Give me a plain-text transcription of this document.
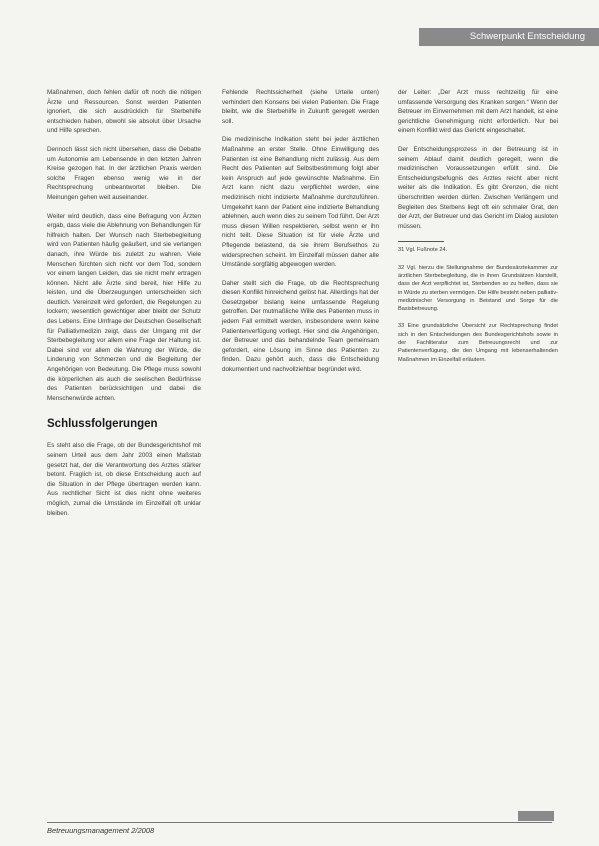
Schwerpunkt Entscheidung

Maßnahmen, doch fehlen dafür oft noch die nötigen Ärzte und Ressourcen. Sonst werden Patienten ignoriert, die sich ausdrücklich für Sterbehilfe entschieden haben, obwohl sie absolut über Ursache und Hilfe sprechen.

Dennoch lässt sich nicht übersehen, dass die Debatte um Autonomie am Lebensende in den letzten Jahren Kreise gezogen hat. In der ärztlichen Praxis werden solche Fragen ebenso wenig wie in der Rechtsprechung unbeantwortet bleiben. Die Meinungen gehen weit auseinander.

Weiter wird deutlich, dass eine Befragung von Ärzten ergab, dass viele die Ablehnung von Behandlungen für hilfreich halten. Der Wunsch nach Sterbebegleitung wird von Patienten häufig geäußert, und sie verlangen danach, ihre Würde bis zuletzt zu wahren. Viele Menschen fürchten sich nicht vor dem Tod, sondern vor einem langen Leiden, das sie nicht mehr ertragen können. Nicht alle Ärzte sind bereit, hier Hilfe zu leisten, und die Überzeugungen unterscheiden sich deutlich. Vereinzelt wird gefordert, die Regelungen zu lockern; wesentlich gewichtiger aber bleibt der Schutz des Lebens. Eine Umfrage der Deutschen Gesellschaft für Palliativmedizin zeigt, dass der Umgang mit der Sterbebegleitung vor allem eine Frage der Haltung ist. Dabei sind vor allem die Wahrung der Würde, die Linderung von Schmerzen und die Begleitung der Angehörigen von Bedeutung. Die Pflege muss sowohl die körperlichen als auch die seelischen Bedürfnisse des Patienten berücksichtigen und dabei die Menschenwürde achten.

Schlussfolgerungen

Es steht also die Frage, ob der Bundesgerichtshof mit seinem Urteil aus dem Jahr 2003 einen Maßstab gesetzt hat, der die Verantwortung des Arztes stärker betont. Fraglich ist, ob diese Entscheidung auch auf die Situation in der Pflege übertragen werden kann. Aus rechtlicher Sicht ist dies nicht ohne weiteres möglich, zumal die Umstände im Einzelfall oft unklar bleiben.

Fehlende Rechtssicherheit (siehe Urteile unten) verhindert den Konsens bei vielen Patienten. Die Frage bleibt, wie die Sterbehilfe in Zukunft geregelt werden soll.

Die medizinische Indikation steht bei jeder ärztlichen Maßnahme an erster Stelle. Ohne Einwilligung des Patienten ist eine Behandlung nicht zulässig. Aus dem Recht des Patienten auf Selbstbestimmung folgt aber kein Anspruch auf jede gewünschte Maßnahme. Ein Arzt kann nicht dazu verpflichtet werden, eine medizinisch nicht indizierte Maßnahme durchzuführen. Umgekehrt kann der Patient eine indizierte Behandlung ablehnen, auch wenn dies zu seinem Tod führt. Der Arzt muss diesen Willen respektieren, selbst wenn er ihn nicht teilt. Diese Situation ist für viele Ärzte und Pflegende belastend, da sie ihrem Berufsethos zu widersprechen scheint. Im Einzelfall müssen daher alle Umstände sorgfältig abgewogen werden.

Daher stellt sich die Frage, ob die Rechtsprechung diesen Konflikt hinreichend gelöst hat. Allerdings hat der Gesetzgeber bislang keine umfassende Regelung getroffen. Der mutmaßliche Wille des Patienten muss in jedem Fall ermittelt werden, insbesondere wenn keine Patientenverfügung vorliegt. Hier sind die Angehörigen, der Betreuer und das behandelnde Team gemeinsam gefordert, eine Lösung im Sinne des Patienten zu finden. Dazu gehört auch, dass die Entscheidung dokumentiert und nachvollziehbar begründet wird.

der Leiter: „Der Arzt muss rechtzeitig für eine umfassende Versorgung des Kranken sorgen.“ Wenn der Betreuer im Einvernehmen mit dem Arzt handelt, ist eine gerichtliche Genehmigung nicht erforderlich. Nur bei einem Konflikt wird das Gericht eingeschaltet.

Der Entscheidungsprozess in der Betreuung ist in seinem Ablauf damit deutlich geregelt, wenn die medizinischen Voraussetzungen erfüllt sind. Die Entscheidungsbefugnis des Arztes reicht aber nicht weiter als die Indikation. Es gibt Grenzen, die nicht überschritten werden dürfen. Zwischen Verlängern und Begleiten des Sterbens liegt oft ein schmaler Grat, den der Arzt, der Betreuer und das Gericht im Dialog ausloten müssen.

31 Vgl. Fußnote 24.

32 Vgl. hierzu die Stellungnahme der Bundesärztekammer zur ärztlichen Sterbebegleitung, die in ihren Grundsätzen klarstellt, dass der Arzt verpflichtet ist, Sterbenden so zu helfen, dass sie in Würde zu sterben vermögen. Die Hilfe besteht neben palliativ-medizinischer Versorgung in Beistand und Sorge für die Basisbetreuung.

33 Eine grundsätzliche Übersicht zur Rechtsprechung findet sich in den Entscheidungen des Bundesgerichtshofs sowie in der Fachliteratur zum Betreuungsrecht und zur Patientenverfügung, die den Umgang mit lebenserhaltenden Maßnahmen im Einzelfall erläutern.

Betreuungsmanagement 2/2008
